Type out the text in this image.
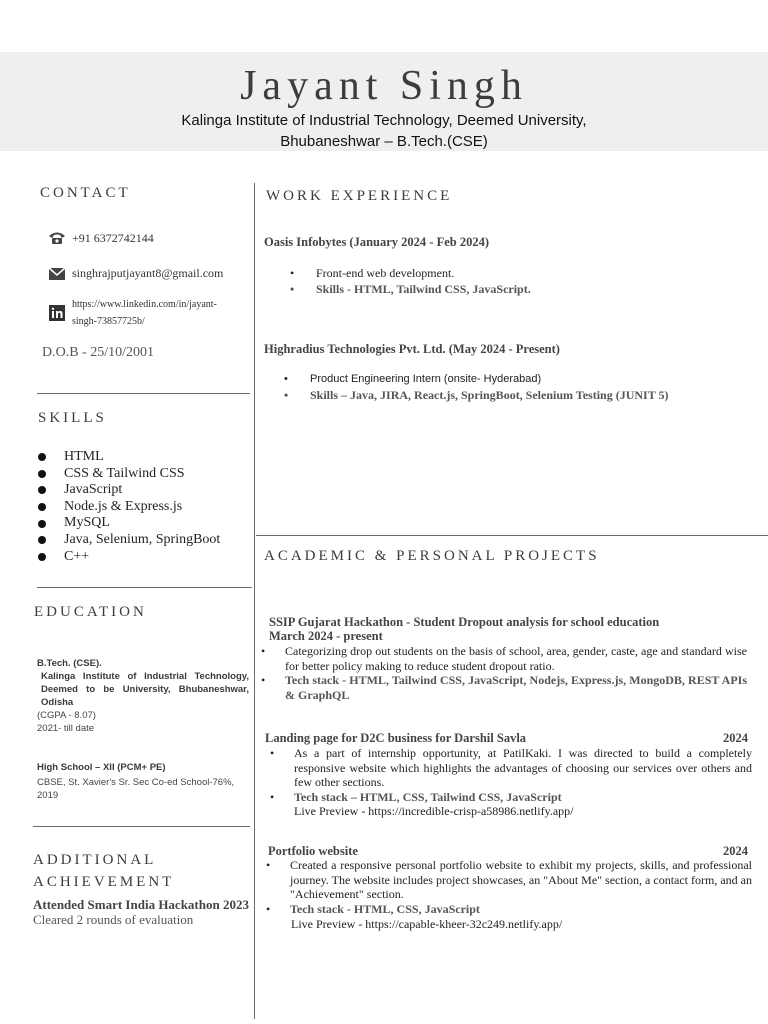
Jayant Singh
Kalinga Institute of Industrial Technology, Deemed University,
Bhubaneshwar – B.Tech.(CSE)
CONTACT
+91 6372742144
singhrajputjayant8@gmail.com
https://www.linkedin.com/in/jayant-
singh-73857725b/
D.O.B - 25/10/2001
SKILLS
HTML
CSS & Tailwind CSS
JavaScript
Node.js & Express.js
MySQL
Java, Selenium, SpringBoot
C++
EDUCATION
B.Tech. (CSE).
Kalinga Institute of Industrial Technology, Deemed to be University, Bhubaneshwar, Odisha
(CGPA - 8.07)
2021- till date
High School – XII (PCM+ PE)
CBSE, St. Xavier's Sr. Sec Co-ed School-76%, 2019
ADDITIONAL
ACHIEVEMENT
Attended Smart India Hackathon 2023
Cleared 2 rounds of evaluation
WORK EXPERIENCE
Oasis Infobytes (January 2024 - Feb 2024)
•	Front-end web development.
•	Skills - HTML, Tailwind CSS, JavaScript.
Highradius Technologies Pvt. Ltd. (May 2024 - Present)
•	Product Engineering Intern (onsite- Hyderabad)
•	Skills – Java, JIRA, React.js, SpringBoot, Selenium Testing (JUNIT 5)
ACADEMIC & PERSONAL PROJECTS
SSIP Gujarat Hackathon - Student Dropout analysis for school education
March 2024 - present
•	Categorizing drop out students on the basis of school, area, gender, caste, age and standard wise for better policy making to reduce student dropout ratio.
•	Tech stack - HTML, Tailwind CSS, JavaScript, Nodejs, Express.js, MongoDB, REST APIs & GraphQL
Landing page for D2C business for Darshil Savla	2024
•	As a part of internship opportunity, at PatilKaki. I was directed to build a completely responsive website which highlights the advantages of choosing our services over others and few other sections.
•	Tech stack – HTML, CSS, Tailwind CSS, JavaScript
Live Preview - https://incredible-crisp-a58986.netlify.app/
Portfolio website	2024
•	Created a responsive personal portfolio website to exhibit my projects, skills, and professional journey. The website includes project showcases, an "About Me" section, a contact form, and an "Achievement" section.
•	Tech stack - HTML, CSS, JavaScript
Live Preview - https://capable-kheer-32c249.netlify.app/
